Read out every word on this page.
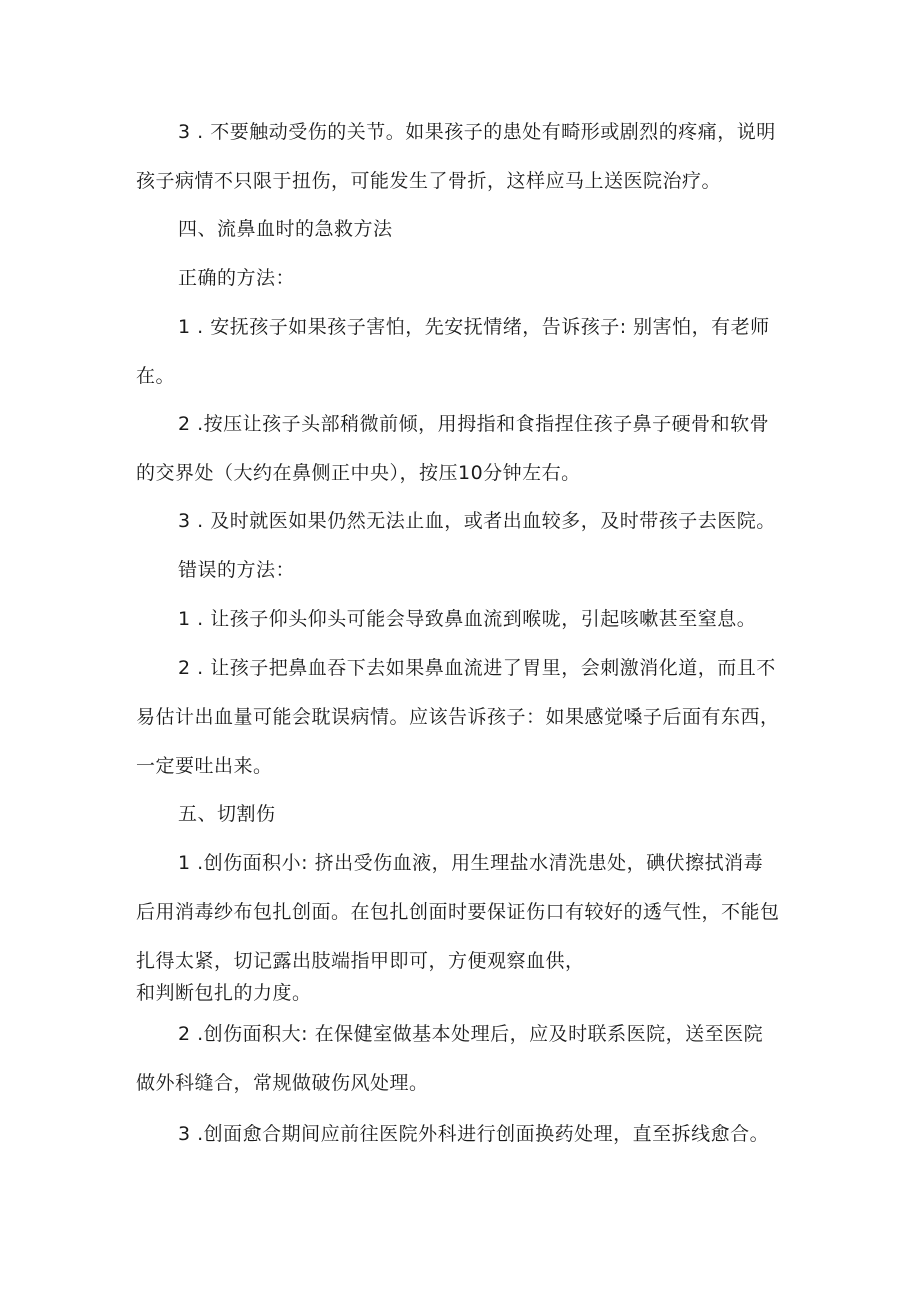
3 . 不要触动受伤的关节。如果孩子的患处有畸形或剧烈的疼痛，说明
孩子病情不只限于扭伤，可能发生了骨折，这样应马上送医院治疗。
四、流鼻血时的急救方法
正确的方法：
1 . 安抚孩子如果孩子害怕，先安抚情绪，告诉孩子: 别害怕，有老师
在。
2 .按压让孩子头部稍微前倾，用拇指和食指捏住孩子鼻子硬骨和软骨
的交界处（大约在鼻侧正中央），按压10分钟左右。
3 . 及时就医如果仍然无法止血，或者出血较多，及时带孩子去医院。
错误的方法：
1 . 让孩子仰头仰头可能会导致鼻血流到喉咙，引起咳嗽甚至窒息。
2 . 让孩子把鼻血吞下去如果鼻血流进了胃里，会刺激消化道，而且不
易估计出血量可能会耽误病情。应该告诉孩子：如果感觉嗓子后面有东西，
一定要吐出来。
五、切割伤
1 .创伤面积小: 挤出受伤血液，用生理盐水清洗患处，碘伏擦拭消毒
后用消毒纱布包扎创面。在包扎创面时要保证伤口有较好的透气性，不能包
扎得太紧，切记露出肢端指甲即可，方便观察血供，
和判断包扎的力度。
2 .创伤面积大: 在保健室做基本处理后，应及时联系医院，送至医院
做外科缝合，常规做破伤风处理。
3 .创面愈合期间应前往医院外科进行创面换药处理，直至拆线愈合。
